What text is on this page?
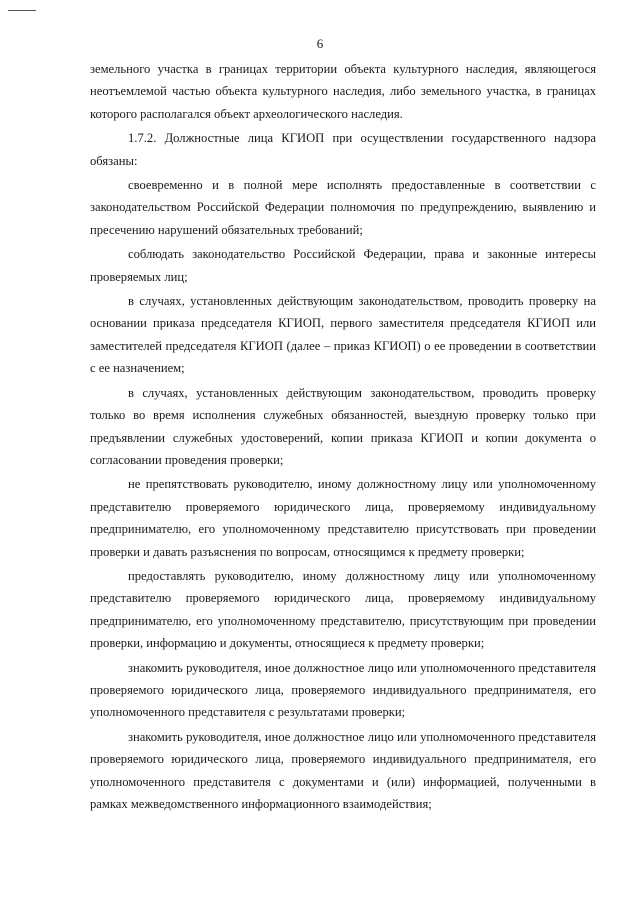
6

земельного участка в границах территории объекта культурного наследия, являющегося неотъемлемой частью объекта культурного наследия, либо земельного участка, в границах которого располагался объект археологического наследия.

1.7.2. Должностные лица КГИОП при осуществлении государственного надзора обязаны:

своевременно и в полной мере исполнять предоставленные в соответствии с законодательством Российской Федерации полномочия по предупреждению, выявлению и пресечению нарушений обязательных требований;

соблюдать законодательство Российской Федерации, права и законные интересы проверяемых лиц;

в случаях, установленных действующим законодательством, проводить проверку на основании приказа председателя КГИОП, первого заместителя председателя КГИОП или заместителей председателя КГИОП (далее – приказ КГИОП) о ее проведении в соответствии с ее назначением;

в случаях, установленных действующим законодательством, проводить проверку только во время исполнения служебных обязанностей, выездную проверку только при предъявлении служебных удостоверений, копии приказа КГИОП и копии документа о согласовании проведения проверки;

не препятствовать руководителю, иному должностному лицу или уполномоченному представителю проверяемого юридического лица, проверяемому индивидуальному предпринимателю, его уполномоченному представителю присутствовать при проведении проверки и давать разъяснения по вопросам, относящимся к предмету проверки;

предоставлять руководителю, иному должностному лицу или уполномоченному представителю проверяемого юридического лица, проверяемому индивидуальному предпринимателю, его уполномоченному представителю, присутствующим при проведении проверки, информацию и документы, относящиеся к предмету проверки;

знакомить руководителя, иное должностное лицо или уполномоченного представителя проверяемого юридического лица, проверяемого индивидуального предпринимателя, его уполномоченного представителя с результатами проверки;

знакомить руководителя, иное должностное лицо или уполномоченного представителя проверяемого юридического лица, проверяемого индивидуального предпринимателя, его уполномоченного представителя с документами и (или) информацией, полученными в рамках межведомственного информационного взаимодействия;
